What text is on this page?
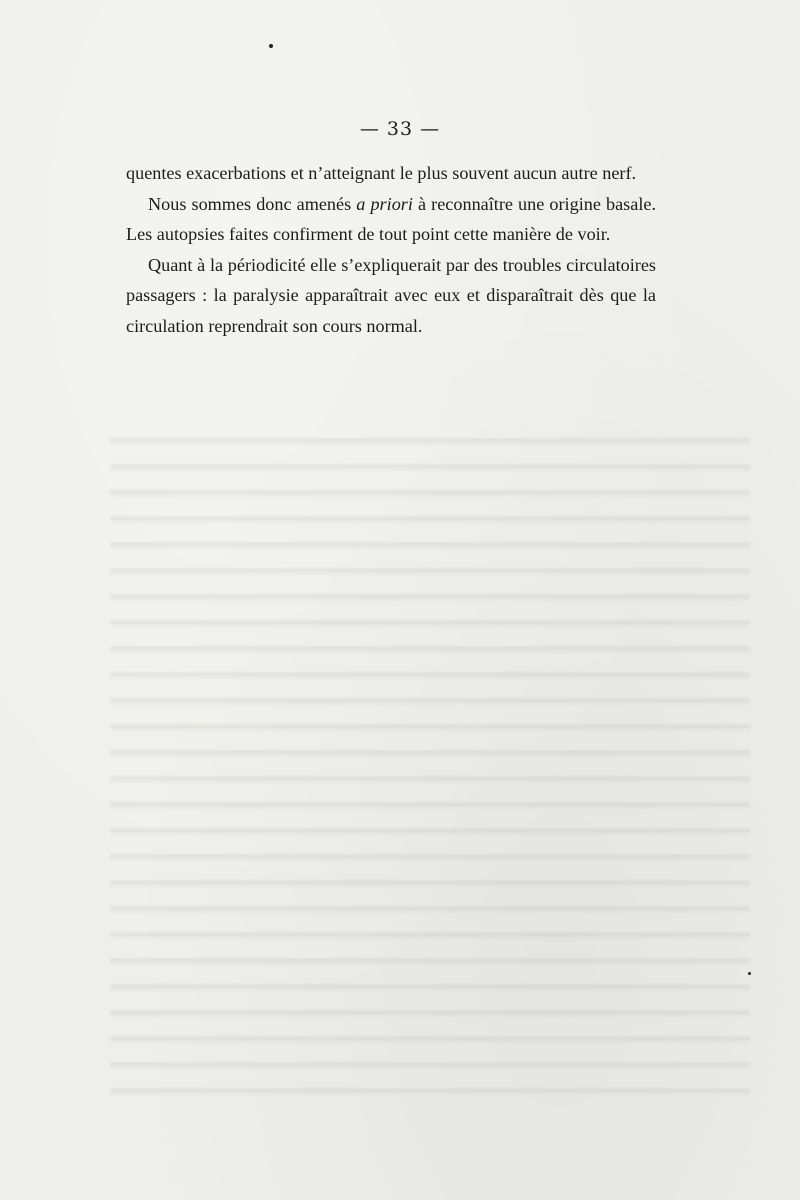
— 33 —

quentes exacerbations et n’atteignant le plus souvent aucun autre nerf.

Nous sommes donc amenés a priori à reconnaître une origine basale. Les autopsies faites confirment de tout point cette manière de voir.

Quant à la périodicité elle s’expliquerait par des troubles circulatoires passagers : la paralysie apparaîtrait avec eux et disparaîtrait dès que la circulation reprendrait son cours normal.
